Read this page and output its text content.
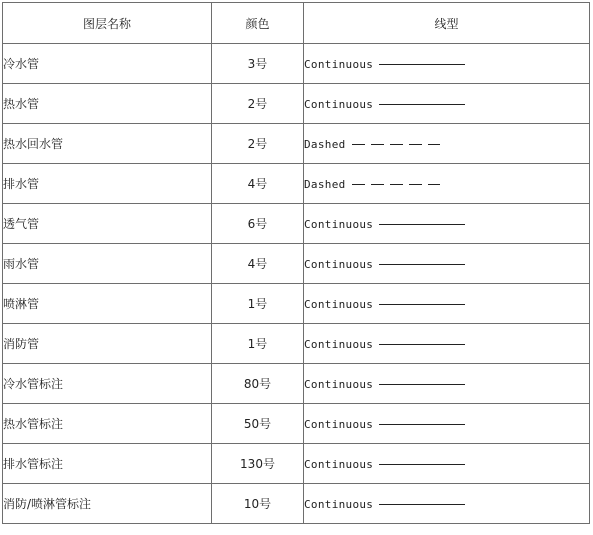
图层名称	颜色	线型
冷水管	3号	Continuous
热水管	2号	Continuous
热水回水管	2号	Dashed
排水管	4号	Dashed
透气管	6号	Continuous
雨水管	4号	Continuous
喷淋管	1号	Continuous
消防管	1号	Continuous
冷水管标注	80号	Continuous
热水管标注	50号	Continuous
排水管标注	130号	Continuous
消防/喷淋管标注	10号	Continuous
